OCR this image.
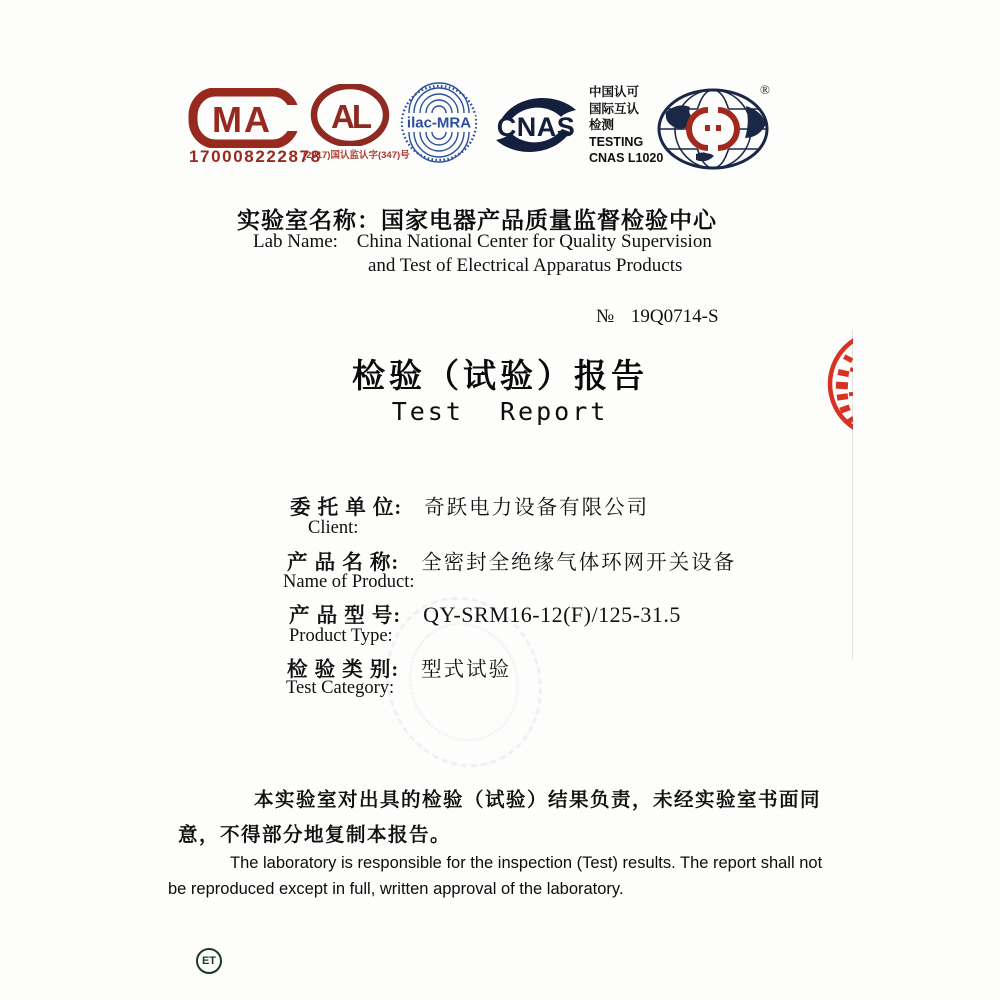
MA
170008222878
AL
(2017)国认监认字(347)号
ilac-MRA CNAS
中国认可
国际互认
检测
TESTING
CNAS L1020
®
实验室名称：国家电器产品质量监督检验中心
Lab Name: China National Center for Quality Supervision
and Test of Electrical Apparatus Products
№ 19Q0714-S
检验（试验）报告
Test  Report
委 托 单 位: 奇跃电力设备有限公司
Client:
产 品 名 称: 全密封全绝缘气体环网开关设备
Name of Product:
产 品 型 号: QY-SRM16-12(F)/125-31.5
Product Type:
检 验 类 别: 型式试验
Test Category:
本实验室对出具的检验（试验）结果负责，未经实验室书面同意，不得部分地复制本报告。
The laboratory is responsible for the inspection (Test) results. The report shall not be reproduced except in full, written approval of the laboratory.
ET
